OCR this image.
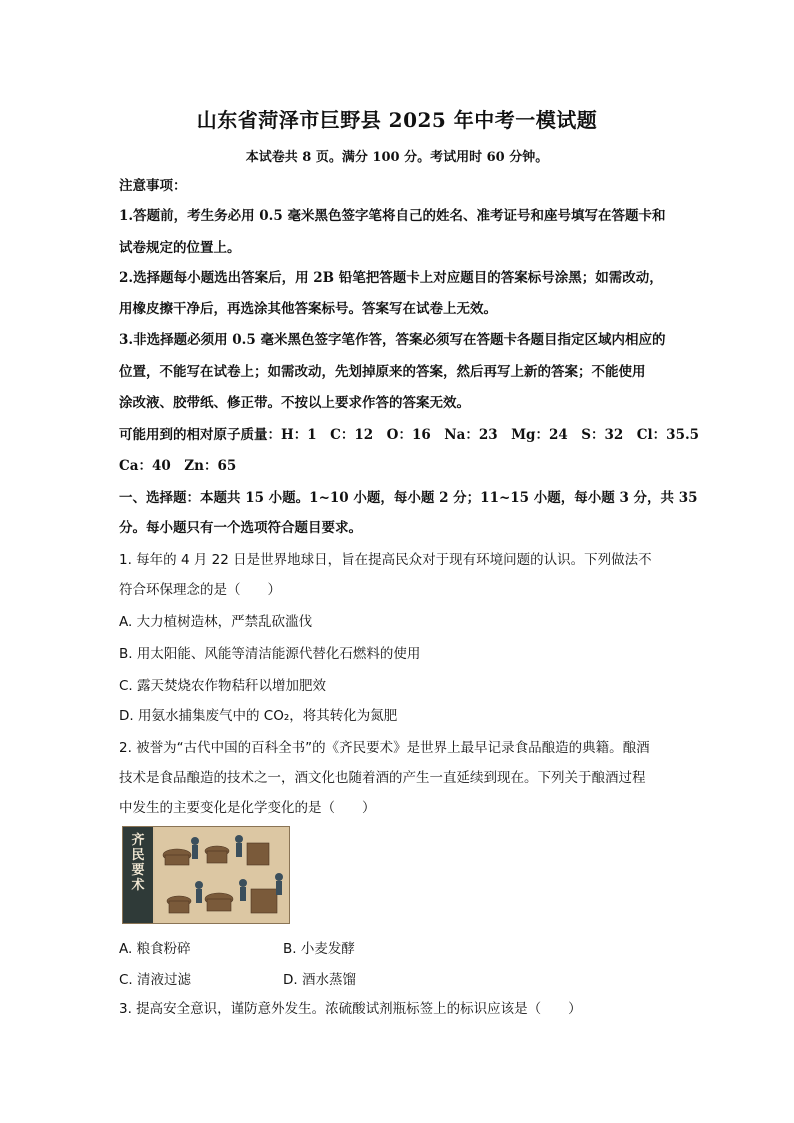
山东省菏泽市巨野县 2025 年中考一模试题
本试卷共 8 页。满分 100 分。考试用时 60 分钟。
注意事项：
1.答题前，考生务必用 0.5 毫米黑色签字笔将自己的姓名、准考证号和座号填写在答题卡和
试卷规定的位置上。
2.选择题每小题选出答案后，用 2B 铅笔把答题卡上对应题目的答案标号涂黑；如需改动，
用橡皮擦干净后，再选涂其他答案标号。答案写在试卷上无效。
3.非选择题必须用 0.5 毫米黑色签字笔作答，答案必须写在答题卡各题目指定区域内相应的
位置，不能写在试卷上；如需改动，先划掉原来的答案，然后再写上新的答案；不能使用
涂改液、胶带纸、修正带。不按以上要求作答的答案无效。
可能用到的相对原子质量：H：1　C：12　O：16　Na：23　Mg：24　S：32　Cl：35.5
Ca：40　Zn：65
一、选择题：本题共 15 小题。1~10 小题，每小题 2 分；11~15 小题，每小题 3 分，共 35
分。每小题只有一个选项符合题目要求。
1. 每年的 4 月 22 日是世界地球日，旨在提高民众对于现有环境问题的认识。下列做法不
符合环保理念的是（　　）
A. 大力植树造林，严禁乱砍滥伐
B. 用太阳能、风能等清洁能源代替化石燃料的使用
C. 露天焚烧农作物秸秆以增加肥效
D. 用氨水捕集废气中的 CO₂，将其转化为氮肥
2. 被誉为“古代中国的百科全书”的《齐民要术》是世界上最早记录食品酿造的典籍。酿酒
技术是食品酿造的技术之一，酒文化也随着酒的产生一直延续到现在。下列关于酿酒过程
中发生的主要变化是化学变化的是（　　）
齐
民
要
术
A. 粮食粉碎	B. 小麦发酵
C. 清液过滤	D. 酒水蒸馏
3. 提高安全意识，谨防意外发生。浓硫酸试剂瓶标签上的标识应该是（　　）
